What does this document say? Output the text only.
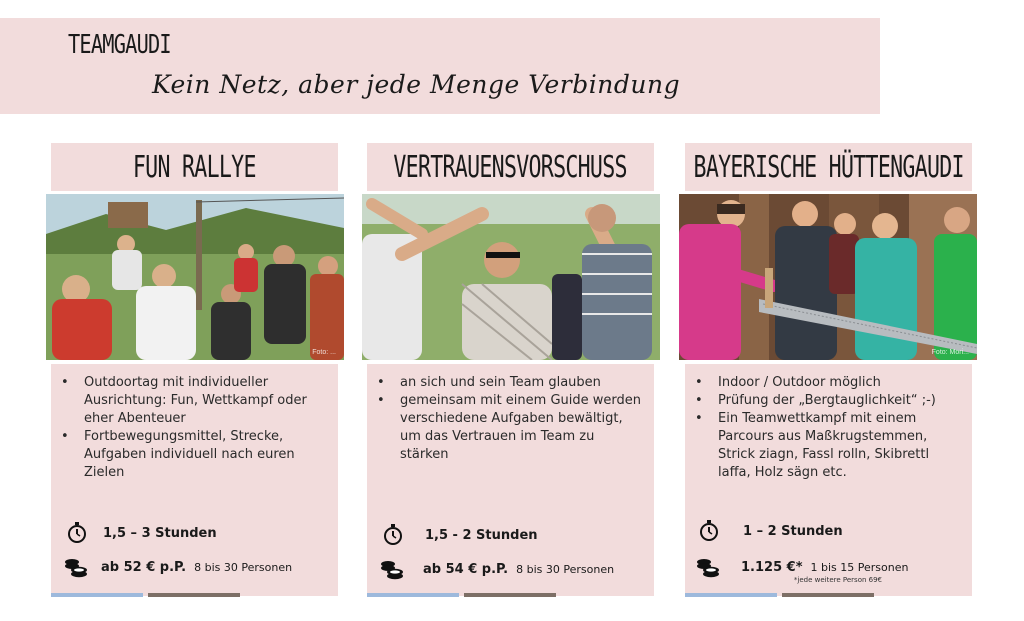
TEAMGAUDI
Kein Netz, aber jede Menge Verbindung
FUN RALLYE
Foto: ...
• Outdoortag mit individueller Ausrichtung: Fun, Wettkampf oder eher Abenteuer
• Fortbewegungsmittel, Strecke, Aufgaben individuell nach euren Zielen
1,5 – 3 Stunden
ab 52 € p.P. 8 bis 30 Personen
VERTRAUENSVORSCHUSS
• an sich und sein Team glauben
• gemeinsam mit einem Guide werden verschiedene Aufgaben bewältigt, um das Vertrauen im Team zu stärken
1,5 - 2 Stunden
ab 54 € p.P. 8 bis 30 Personen
BAYERISCHE HÜTTENGAUDI
Foto: Mori...
• Indoor / Outdoor möglich
• Prüfung der „Bergtauglichkeit“ ;-)
• Ein Teamwettkampf mit einem Parcours aus Maßkrugstemmen, Strick ziagn, Fassl rolln, Skibrettl laffa, Holz sägn etc.
1 – 2 Stunden
1.125 €* 1 bis 15 Personen
*jede weitere Person 69€
